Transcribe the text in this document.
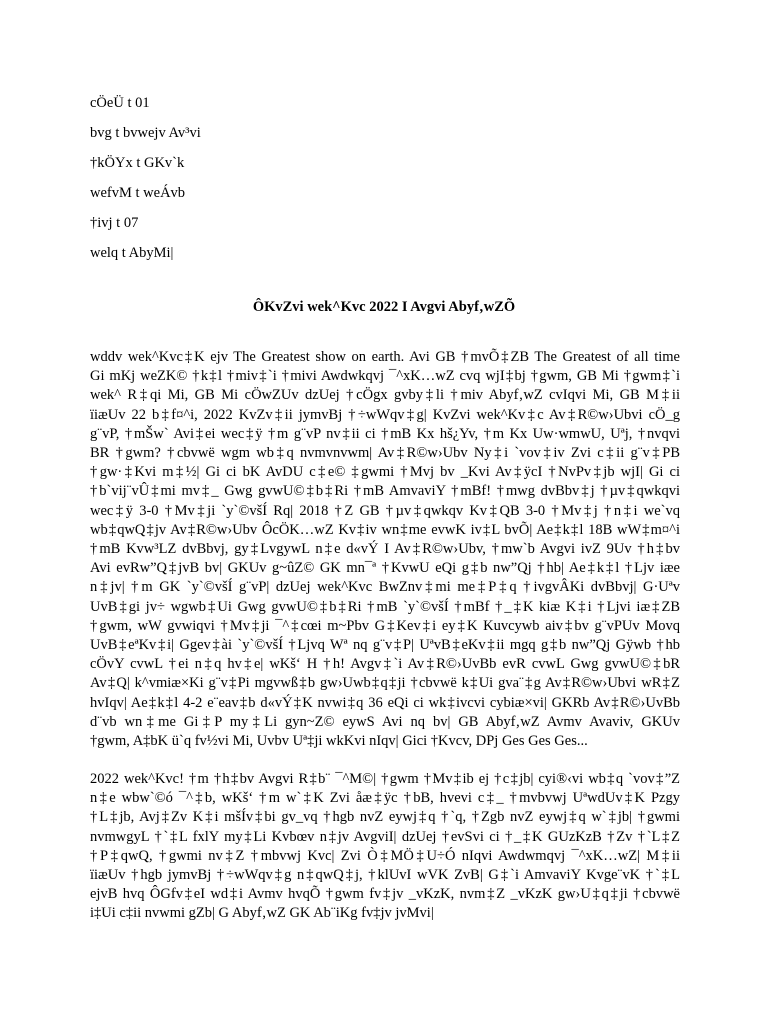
cÖeÜ t 01
bvg t bvwejv Av³vi
†kÖYx t GKv`k
wefvM t weÁvb
†ivj t 07
welq t AbyMi|
ÔKvZvi wek^Kvc 2022 I Avgvi Abyf‚wZÕ
wddv wek^Kvc‡K ejv The Greatest show on earth. Avi GB †mvÕ‡ZB The Greatest of all time
Gi mKj weZK© †k‡l †miv‡`i †mivi Awdwkqvj ¯^xK…wZ cvq wjI‡bj †gwm, GB Mi †gwm‡`i
wek^ R‡qi Mi, GB Mi cÖwZUv dzUej †cÖgx gvby‡li †miv Abyf‚wZ cvIqvi Mi, GB M‡ii
ïiæUv 22 b‡f¤^i, 2022 KvZv‡ii jymvBj †÷wWqv‡g| KvZvi wek^Kv‡c Av‡R©w›Ubvi cÖ_g
g¨vP, †mŠw` Avi‡ei wec‡ÿ †m g¨vP nv‡ii ci †mB Kx hš¿Yv, †m Kx Uw·wmwU, Uªj, †nvqvi
BR †gwm? †cbvwë wgm wb‡q nvmvnvwm| Av‡R©w›Ubv Ny‡i `vov‡iv Zvi c‡ii g¨v‡PB
†gw·‡Kvi m‡½| Gi ci bK AvDU c‡e© ‡gwmi †Mvj bv _Kvi Av‡ÿcI †NvPv‡jb wjI| Gi ci
†b`vij¨vÛ‡mi mv‡_ Gwg gvwU©‡b‡Ri †mB AmvaviY †mBf! †mwg dvBbv‡j †µv‡qwkqvi
wec‡ÿ 3-0 †Mv‡ji `y`©všÍ Rq| 2018 †Z GB †µv‡qwkqv Kv‡QB 3-0 †Mv‡j †n‡i we`vq
wb‡qwQ‡jv Av‡R©w›Ubv ÔcÖK…wZ Kv‡iv wn‡me evwK iv‡L bvÕ| Ae‡k‡l 18B wW‡m¤^i
†mB Kvw³LZ dvBbvj, gy‡LvgywL n‡e d«vÝ I Av‡R©w›Ubv, †mw`b Avgvi ivZ 9Uv †h‡bv
Avi evRw”Q‡jvB bv| GKUv g~ûZ© GK mn¯ª †KvwU eQi g‡b nw”Qj †hb| Ae‡k‡l †Ljv iæe
n‡jv| †m GK `y`©všÍ g¨vP| dzUej wek^Kvc BwZnv‡mi me‡P‡q †ivgvÂKi dvBbvj| G·Uªv
UvB‡gi jv÷ wgwb‡Ui Gwg gvwU©‡b‡Ri †mB `y`©všÍ †mBf †_‡K kiæ K‡i †Ljvi iæ‡ZB
†gwm, wW gvwiqvi †Mv‡ji ¯^‡cœi m~Pbv G‡Kev‡i ey‡K Kuvcywb aiv‡bv g¨vPUv Movq
UvB‡eªKv‡i| Ggev‡ài `y`©všÍ †Ljvq Wª nq g¨v‡P| UªvB‡eKv‡ii mgq g‡b nw”Qj Gÿwb †hb
cÖvY cvwL †ei n‡q hv‡e| wKš‘ H †h! Avgv‡`i Av‡R©›UvBb evR cvwL Gwg gvwU©‡bR
Av‡Q| k^vmiæ×Ki g¨v‡Pi mgvwß‡b gw›Uwb‡q‡ji †cbvwë k‡Ui gva¨‡g Av‡R©w›Ubvi wR‡Z
hvIqv| Ae‡k‡l 4-2 e¨eav‡b d«vÝ‡K nvwi‡q 36 eQi ci wk‡ivcvi cybiæ×vi| GKRb Av‡R©›UvBb
d¨vb wn‡me Gi‡P my‡Li gyn~Z© eywS Avi nq bv| GB Abyf‚wZ Avmv Avaviv, GKUv
†gwm, A‡bK ü`q fv½vi Mi, Uvbv Uª‡ji wkKvi nIqv| Gici †Kvcv, DPj Ges Ges Ges...
2022 wek^Kvc! †m †h‡bv Avgvi R‡b¨ ¯^M©| †gwm †Mv‡ib ej †c‡jb| cyi®‹vi wb‡q `vov‡”Z
n‡e wbw`©ó ¯^‡b, wKš‘ †m w`‡K Zvi åæ‡ÿc †bB, hvevi c‡_ †mvbvwj UªwdUv‡K Pzgy
†L‡jb, Avj‡Zv K‡i mšÍv‡bi gv_vq †hgb nvZ eywj‡q †`q, †Zgb nvZ eywj‡q w`‡jb| †gwmi
nvmwgyL †`‡L fxlY my‡Li Kvbœv n‡jv AvgviI| dzUej †evSvi ci †_‡K GUzKzB †Zv †`L‡Z
†P‡qwQ, †gwmi nv‡Z †mbvwj Kvc| Zvi Ò‡MÖ‡U÷Ó nIqvi Awdwmqvj ¯^xK…wZ| M‡ii
ïiæUv †hgb jymvBj †÷wWqv‡g n‡qwQ‡j, †klUvI wVK ZvB| G‡`i AmvaviY Kvge¨vK †`‡L
ejvB hvq ÔGfv‡eI wd‡i Avmv hvqÕ †gwm fv‡jv _vKzK, nvm‡Z _vKzK gw›U‡q‡ji †cbvwë
i‡Ui c‡ii nvwmi gZb| G Abyf‚wZ GK Ab¨iKg fv‡jv jvMvi|
